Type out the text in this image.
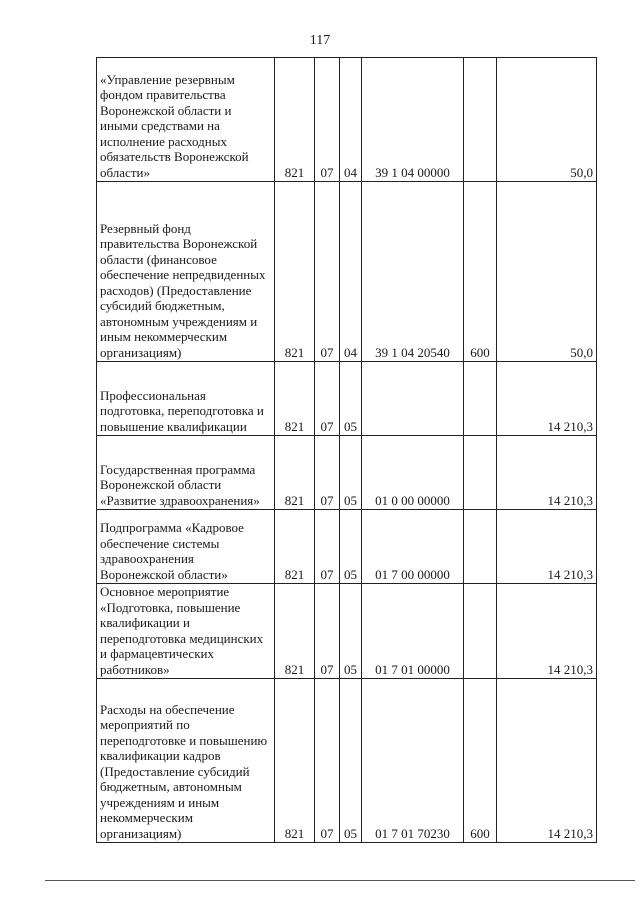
117
«Управление резервным фондом правительства Воронежской области и иными средствами на исполнение расходных обязательств Воронежской области»	821	07	04	39 1 04 00000		50,0
Резервный фонд правительства Воронежской области (финансовое обеспечение непредвиденных расходов) (Предоставление субсидий бюджетным, автономным учреждениям и иным некоммерческим организациям)	821	07	04	39 1 04 20540	600	50,0
Профессиональная подготовка, переподготовка и повышение квалификации	821	07	05			14 210,3
Государственная программа Воронежской области «Развитие здравоохранения»	821	07	05	01 0 00 00000		14 210,3
Подпрограмма «Кадровое обеспечение системы здравоохранения Воронежской области»	821	07	05	01 7 00 00000		14 210,3
Основное мероприятие «Подготовка, повышение квалификации и переподготовка медицинских и фармацевтических работников»	821	07	05	01 7 01 00000		14 210,3
Расходы на обеспечение мероприятий по переподготовке и повышению квалификации кадров (Предоставление субсидий бюджетным, автономным учреждениям и иным некоммерческим организациям)	821	07	05	01 7 01 70230	600	14 210,3
